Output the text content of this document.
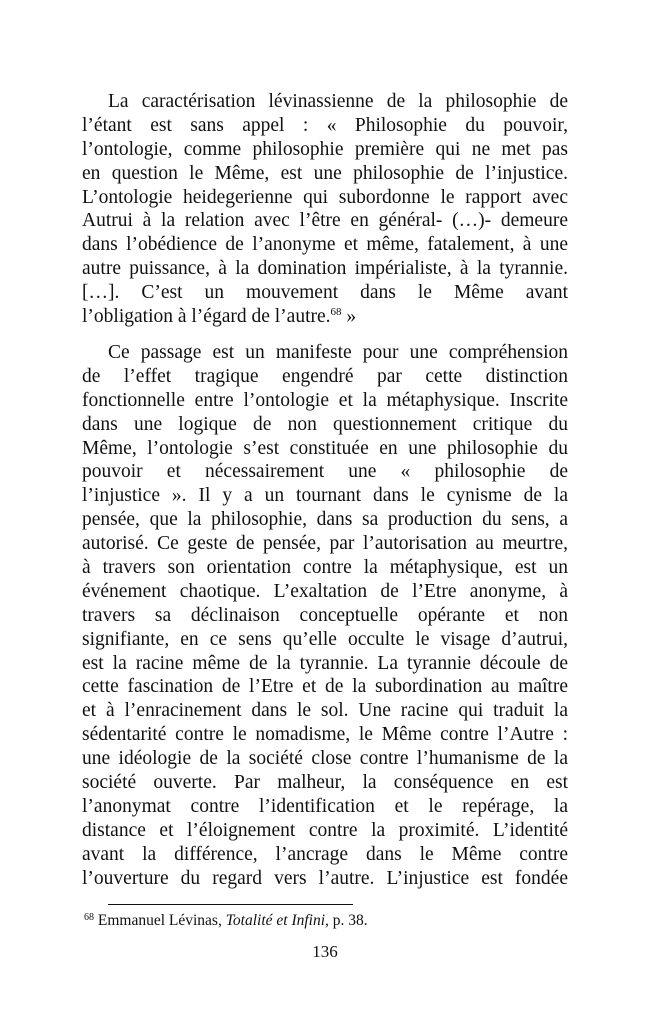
La caractérisation lévinassienne de la philosophie de
l’étant est sans appel : « Philosophie du pouvoir,
l’ontologie, comme philosophie première qui ne met pas
en question le Même, est une philosophie de l’injustice.
L’ontologie heidegerienne qui subordonne le rapport avec
Autrui à la relation avec l’être en général- (…)- demeure
dans l’obédience de l’anonyme et même, fatalement, à une
autre puissance, à la domination impérialiste, à la tyrannie.
[…]. C’est un mouvement dans le Même avant
l’obligation à l’égard de l’autre.$^{68}$ »
Ce passage est un manifeste pour une compréhension
de l’effet tragique engendré par cette distinction
fonctionnelle entre l’ontologie et la métaphysique. Inscrite
dans une logique de non questionnement critique du
Même, l’ontologie s’est constituée en une philosophie du
pouvoir et nécessairement une « philosophie de
l’injustice ». Il y a un tournant dans le cynisme de la
pensée, que la philosophie, dans sa production du sens, a
autorisé. Ce geste de pensée, par l’autorisation au meurtre,
à travers son orientation contre la métaphysique, est un
événement chaotique. L’exaltation de l’Etre anonyme, à
travers sa déclinaison conceptuelle opérante et non
signifiante, en ce sens qu’elle occulte le visage d’autrui,
est la racine même de la tyrannie. La tyrannie découle de
cette fascination de l’Etre et de la subordination au maître
et à l’enracinement dans le sol. Une racine qui traduit la
sédentarité contre le nomadisme, le Même contre l’Autre :
une idéologie de la société close contre l’humanisme de la
société ouverte. Par malheur, la conséquence en est
l’anonymat contre l’identification et le repérage, la
distance et l’éloignement contre la proximité. L’identité
avant la différence, l’ancrage dans le Même contre
l’ouverture du regard vers l’autre. L’injustice est fondée
$^{68}$ Emmanuel Lévinas, Totalité et Infini, p. 38.
136
